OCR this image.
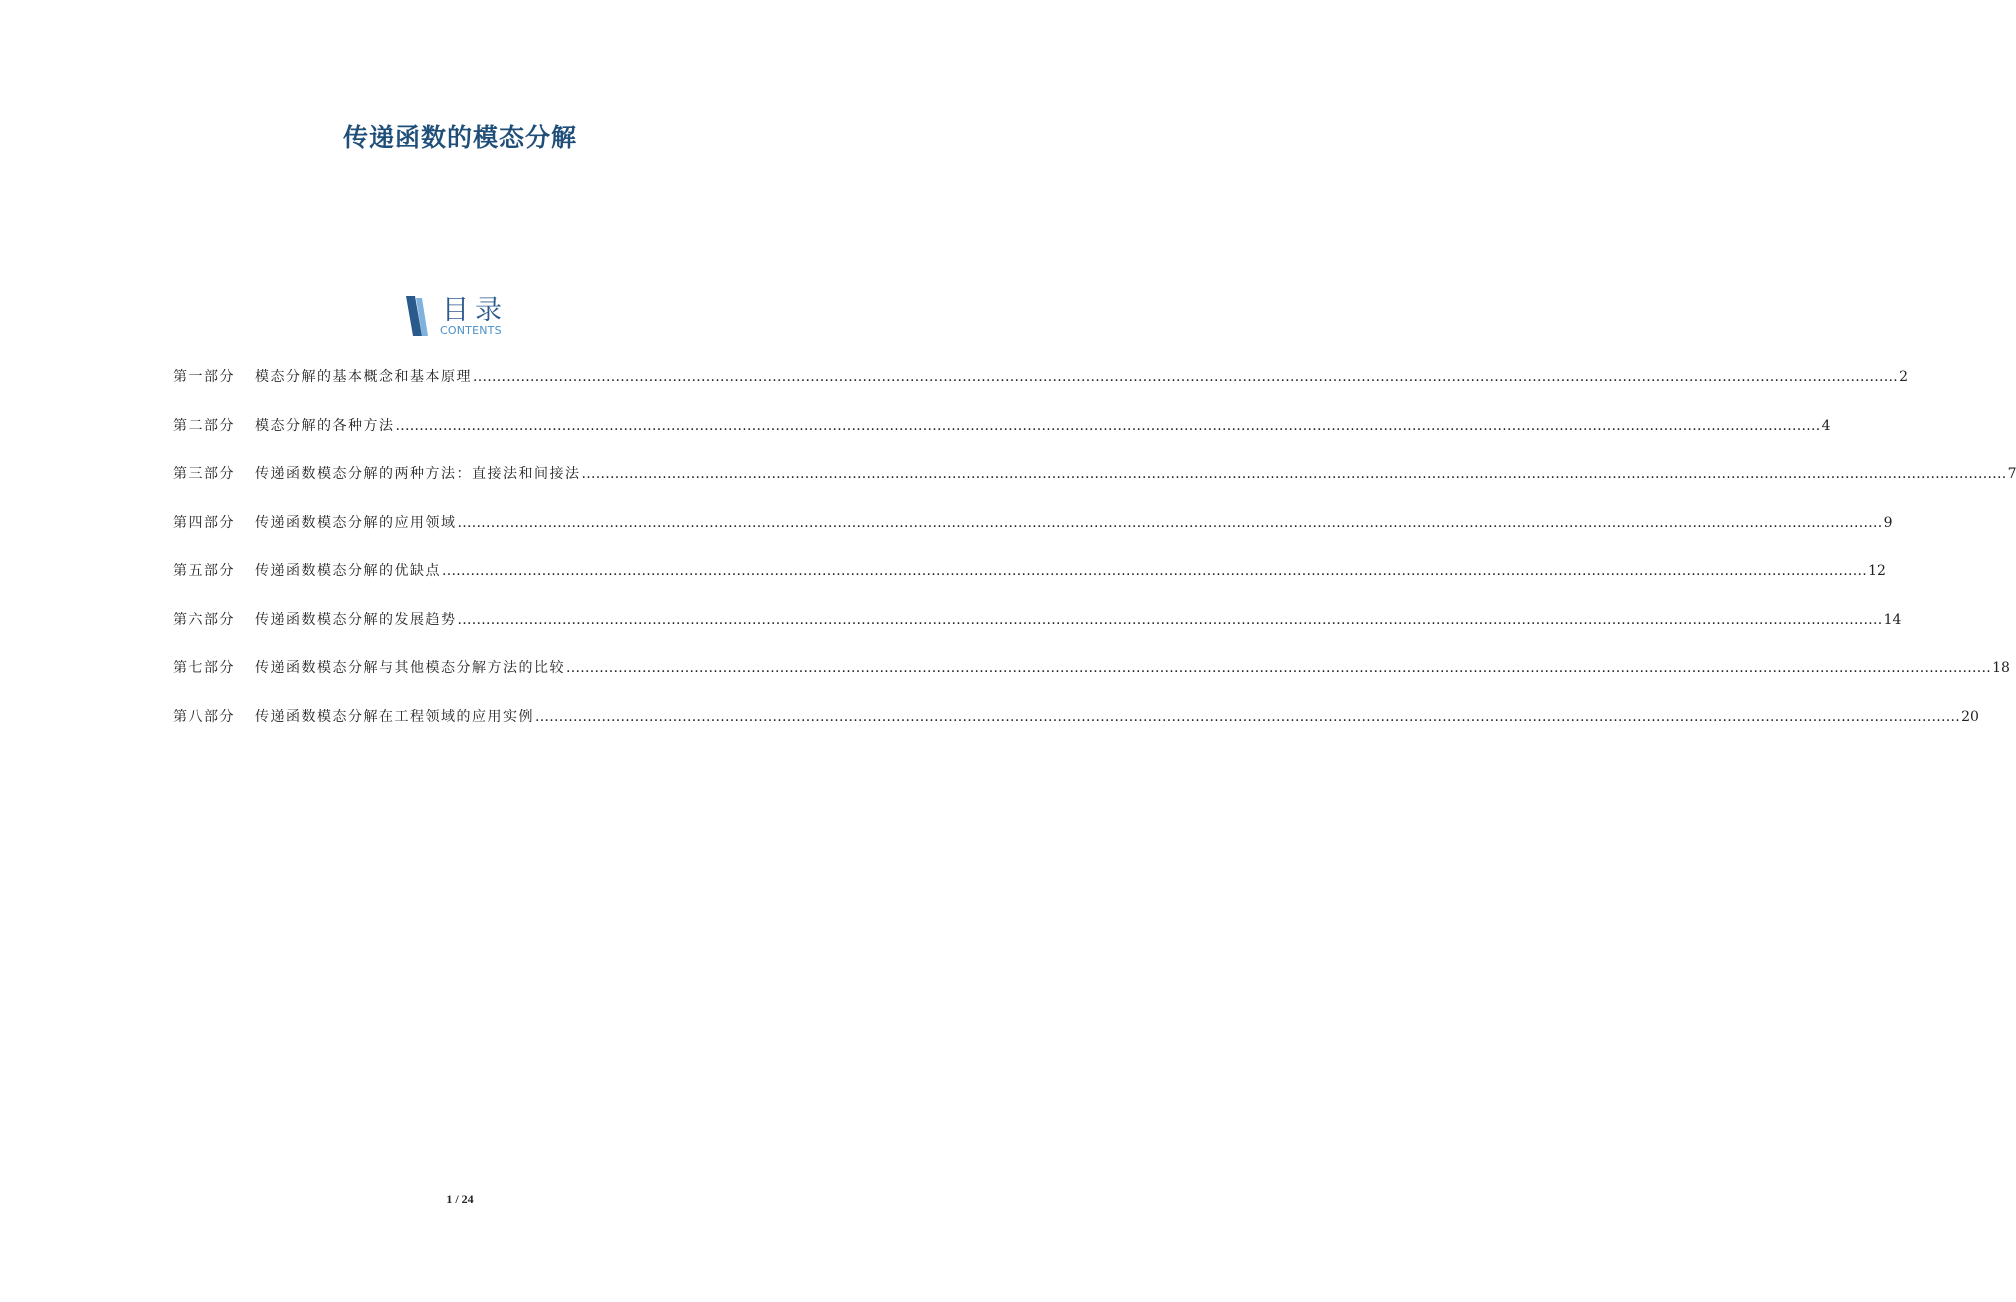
传递函数的模态分解
目录
CONTENTS
第一部分	模态分解的基本概念和基本原理 ............................................................................................................................................................................................................................................................................................................ 2
第二部分	模态分解的各种方法 ............................................................................................................................................................................................................................................................................................................ 4
第三部分	传递函数模态分解的两种方法：直接法和间接法 ............................................................................................................................................................................................................................................................................................................ 7
第四部分	传递函数模态分解的应用领域 ............................................................................................................................................................................................................................................................................................................ 9
第五部分	传递函数模态分解的优缺点 ............................................................................................................................................................................................................................................................................................................ 12
第六部分	传递函数模态分解的发展趋势 ............................................................................................................................................................................................................................................................................................................ 14
第七部分	传递函数模态分解与其他模态分解方法的比较 ............................................................................................................................................................................................................................................................................................................ 18
第八部分	传递函数模态分解在工程领域的应用实例 ............................................................................................................................................................................................................................................................................................................ 20
1 / 24
